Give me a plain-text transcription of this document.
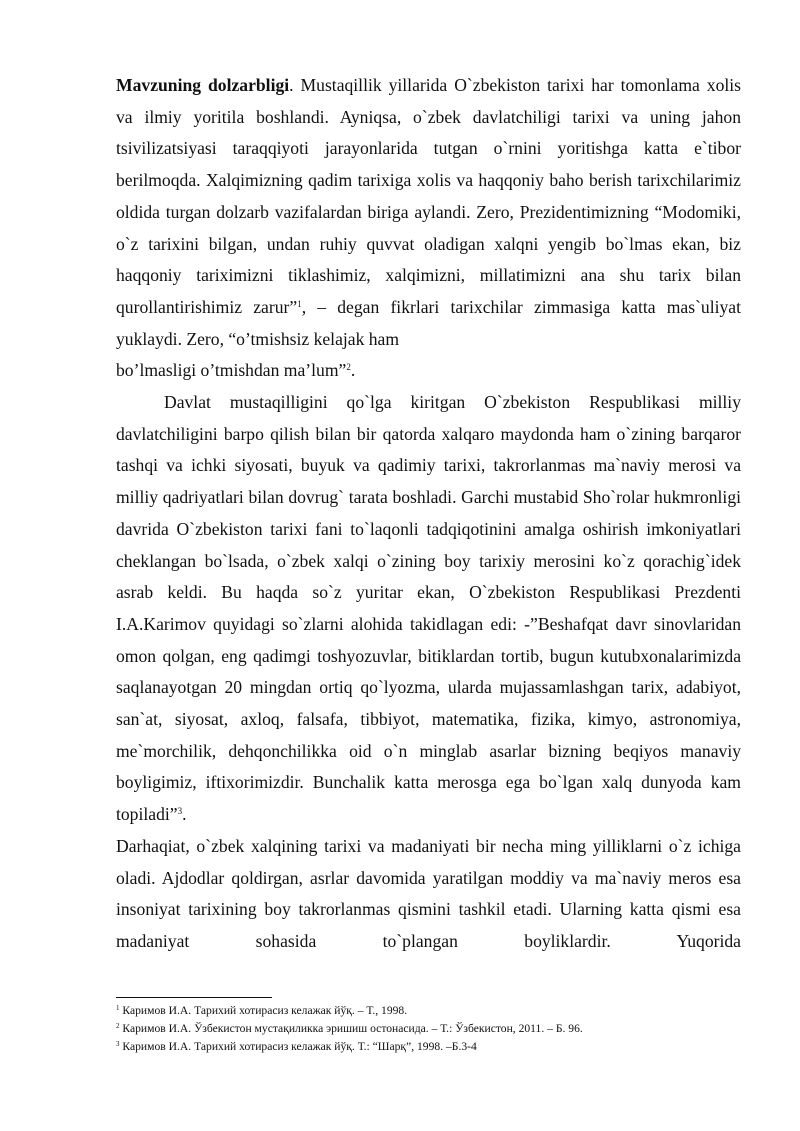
Mavzuning dolzarbligi. Mustaqillik yillarida O`zbekiston tarixi har tomonlama xolis va ilmiy yoritila boshlandi. Ayniqsa, o`zbek davlatchiligi tarixi va uning jahon tsivilizatsiyasi taraqqiyoti jarayonlarida tutgan o`rnini yoritishga katta e`tibor berilmoqda. Xalqimizning qadim tarixiga xolis va haqqoniy baho berish tarixchilarimiz oldida turgan dolzarb vazifalardan biriga aylandi. Zero, Prezidentimizning “Modomiki, o`z tarixini bilgan, undan ruhiy quvvat oladigan xalqni yengib bo`lmas ekan, biz haqqoniy tariximizni tiklashimiz, xalqimizni, millatimizni ana shu tarix bilan qurollantirishimiz zarur”$^1$, – degan fikrlari tarixchilar zimmasiga katta mas`uliyat yuklaydi. Zero, “o’tmishsiz kelajak ham

bo’lmasligi o’tmishdan ma’lum”$^2$.

Davlat mustaqilligini qo`lga kiritgan O`zbekiston Respublikasi milliy davlatchiligini barpo qilish bilan bir qatorda xalqaro maydonda ham o`zining barqaror tashqi va ichki siyosati, buyuk va qadimiy tarixi, takrorlanmas ma`naviy merosi va milliy qadriyatlari bilan dovrug` tarata boshladi. Garchi mustabid Sho`rolar hukmronligi davrida O`zbekiston tarixi fani to`laqonli tadqiqotinini amalga oshirish imkoniyatlari cheklangan bo`lsada, o`zbek xalqi o`zining boy tarixiy merosini ko`z qorachig`idek asrab keldi. Bu haqda so`z yuritar ekan, O`zbekiston Respublikasi Prezdenti I.A.Karimov quyidagi so`zlarni alohida takidlagan edi: -”Beshafqat davr sinovlaridan omon qolgan, eng qadimgi toshyozuvlar, bitiklardan tortib, bugun kutubxonalarimizda saqlanayotgan 20 mingdan ortiq qo`lyozma, ularda mujassamlashgan tarix, adabiyot, san`at, siyosat, axloq, falsafa, tibbiyot, matematika, fizika, kimyo, astronomiya, me`morchilik, dehqonchilikka oid o`n minglab asarlar bizning beqiyos manaviy boyligimiz, iftixorimizdir. Bunchalik katta merosga ega bo`lgan xalq dunyoda kam topiladi”$^3$.

Darhaqiat, o`zbek xalqining tarixi va madaniyati bir necha ming yilliklarni o`z ichiga oladi. Ajdodlar qoldirgan, asrlar davomida yaratilgan moddiy va ma`naviy meros esa insoniyat tarixining boy takrorlanmas qismini tashkil etadi. Ularning katta qismi esa madaniyat sohasida to`plangan boyliklardir. Yuqorida

$^1$ Каримов И.А. Тарихий хотирасиз келажак йўқ. – Т., 1998.
$^2$ Каримов И.А. Ўзбекистон мустақиликка эришиш остонасида. – Т.: Ўзбекистон, 2011. – Б. 96.
$^3$ Каримов И.А. Тарихий хотирасиз келажак йўқ. Т.: “Шарқ”, 1998. –Б.3-4
